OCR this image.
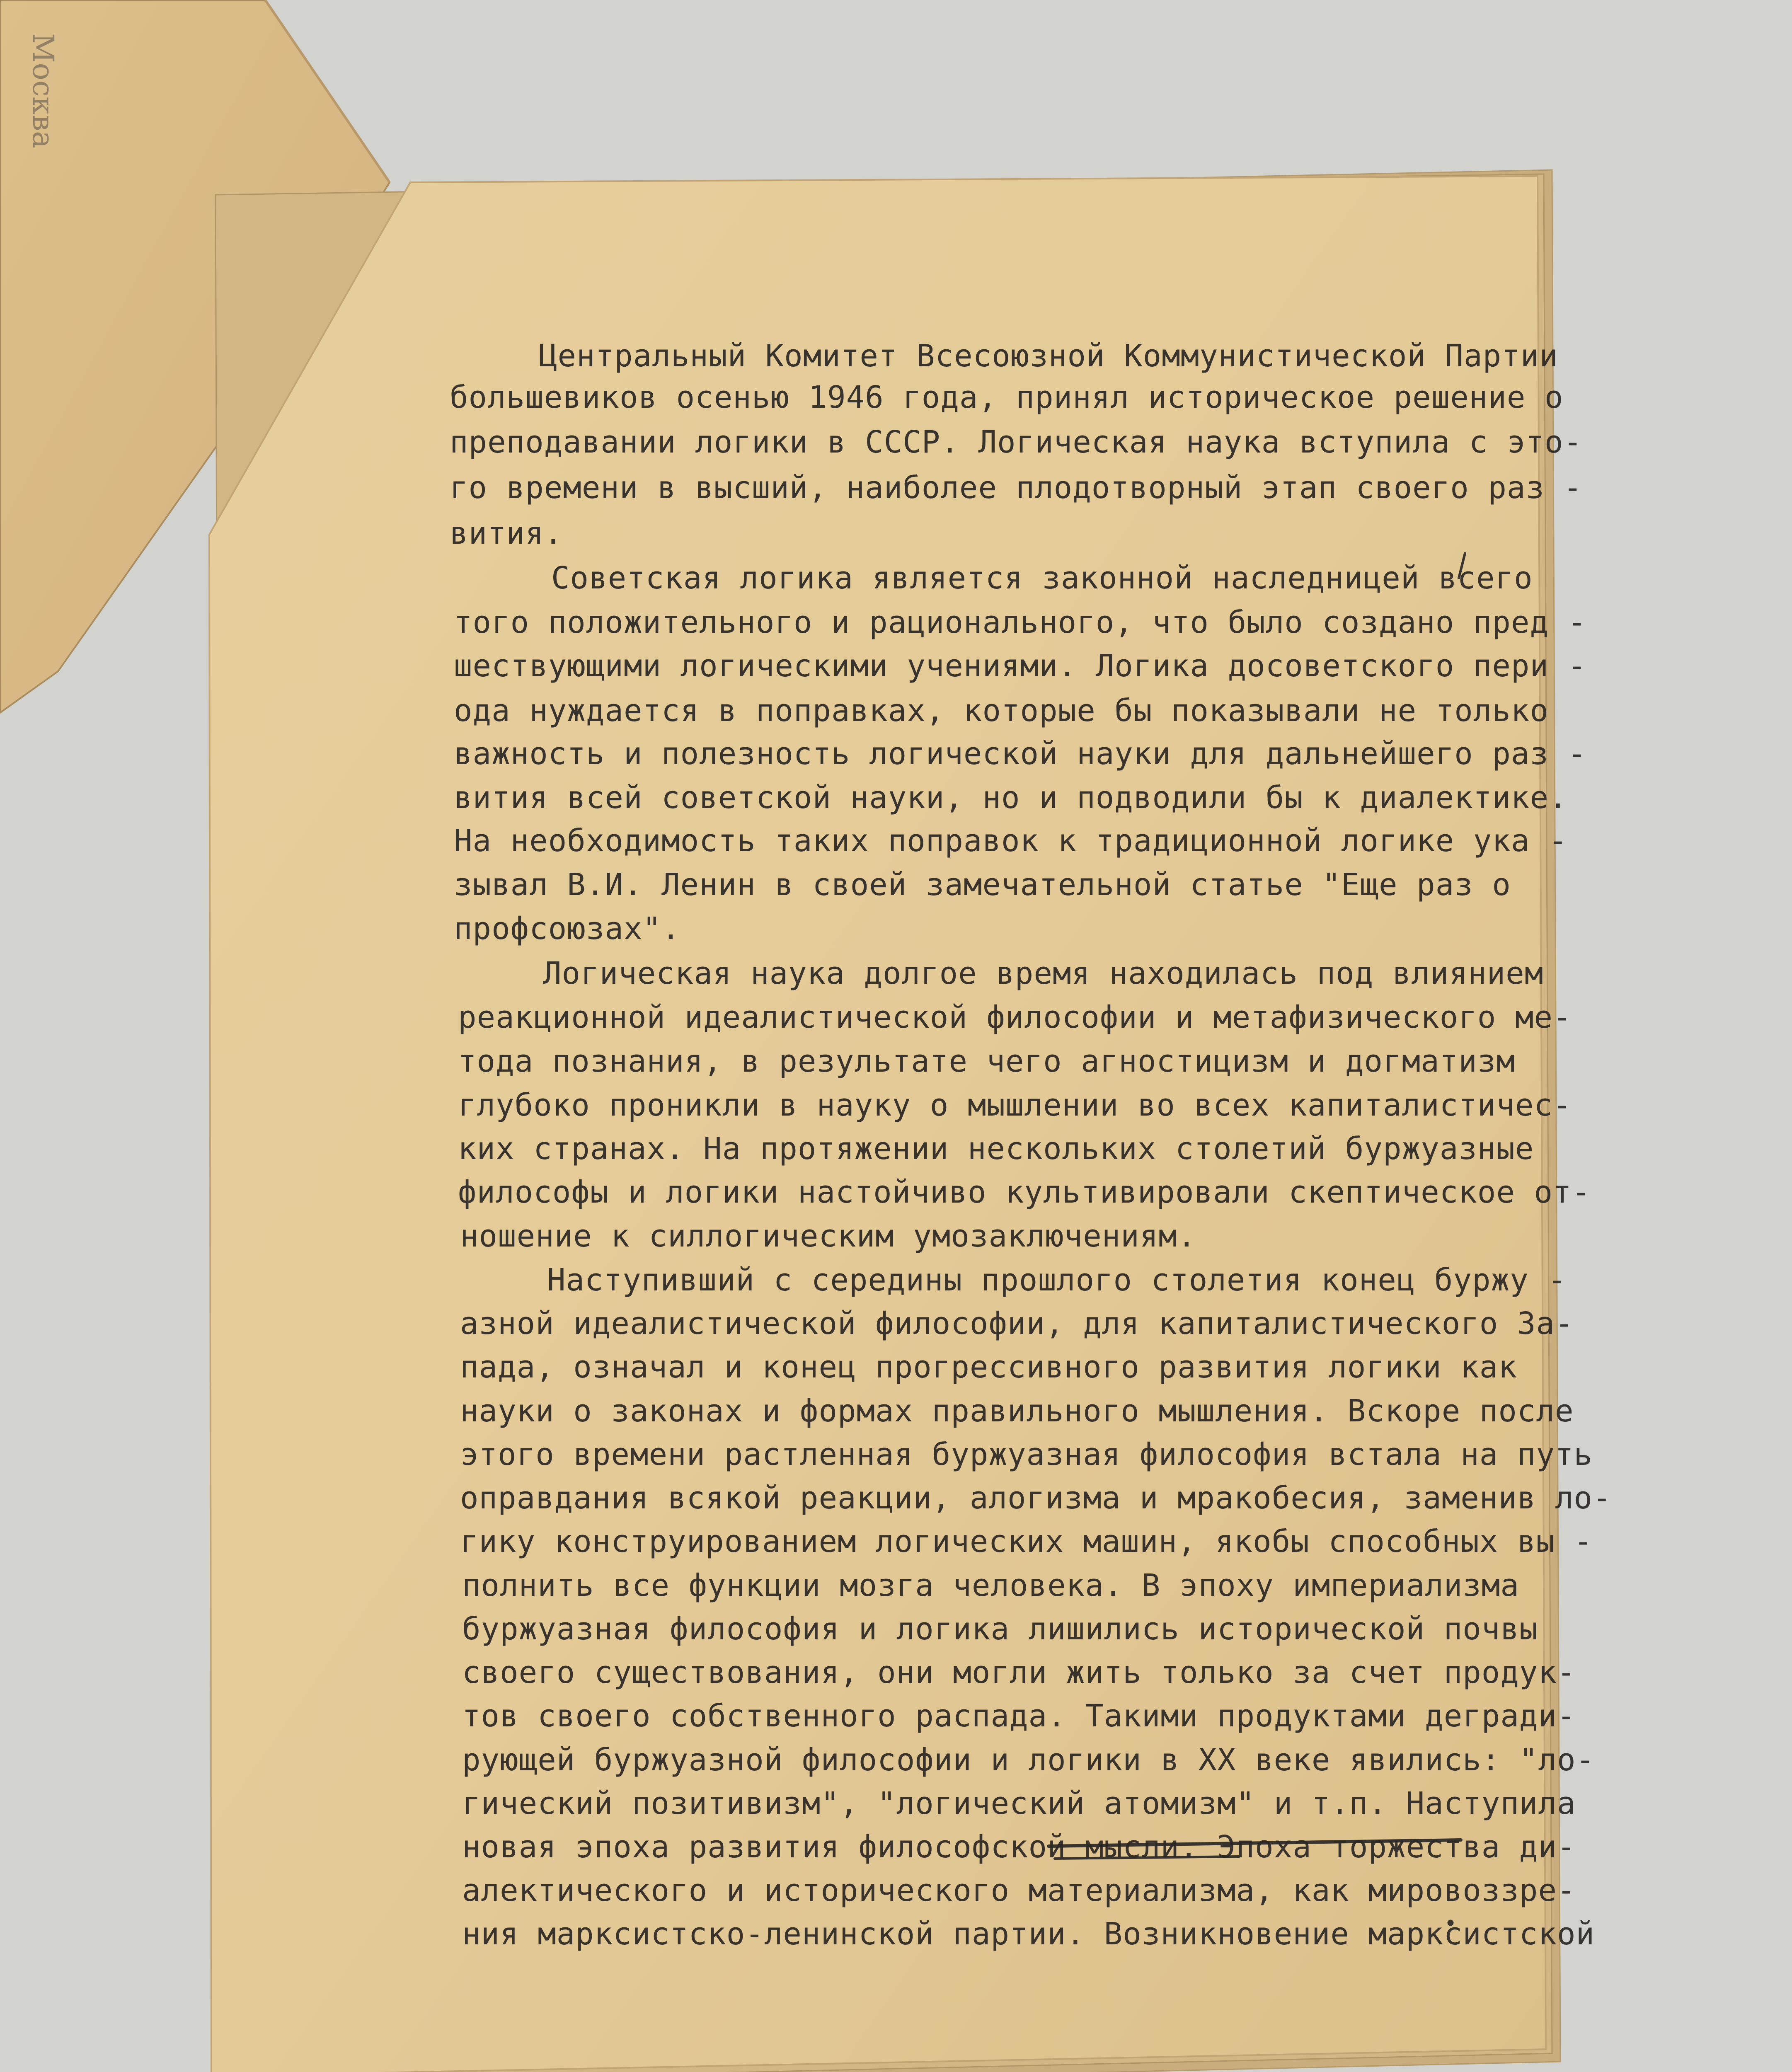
Москва
Центральный Комитет Всесоюзной Коммунистической Партии
большевиков осенью 1946 года, принял историческое решение о
преподавании логики в СССР. Логическая наука вступила с это-
го времени в высший, наиболее плодотворный этап своего раз -
вития.
Советская логика является законной наследницей всего
того положительного и рационального, что было создано пред -
шествующими логическими учениями. Логика досоветского пери -
ода нуждается в поправках, которые бы показывали не только
важность и полезность логической науки для дальнейшего раз -
вития всей советской науки, но и подводили бы к диалектике.
На необходимость таких поправок к традиционной логике ука -
зывал В.И. Ленин в своей замечательной статье "Еще раз о
профсоюзах".
Логическая наука долгое время находилась под влиянием
реакционной идеалистической философии и метафизического ме-
тода познания, в результате чего агностицизм и догматизм
глубоко проникли в науку о мышлении во всех капиталистичес-
ких странах. На протяжении нескольких столетий буржуазные
философы и логики настойчиво культивировали скептическое от-
ношение к силлогическим умозаключениям.
Наступивший с середины прошлого столетия конец буржу -
азной идеалистической философии, для капиталистического За-
пада, означал и конец прогрессивного развития логики как
науки о законах и формах правильного мышления. Вскоре после
этого времени растленная буржуазная философия встала на путь
оправдания всякой реакции, алогизма и мракобесия, заменив ло-
гику конструированием логических машин, якобы способных вы -
полнить все функции мозга человека. В эпоху империализма
буржуазная философия и логика лишились исторической почвы
своего существования, они могли жить только за счет продук-
тов своего собственного распада. Такими продуктами дегради-
рующей буржуазной философии и логики в XX веке явились: "ло-
гический позитивизм", "логический атомизм" и т.п. Наступила
новая эпоха развития философской мысли. Эпоха торжества ди-
алектического и исторического материализма, как мировоззре-
ния марксистско-ленинской партии. Возникновение марксистской
